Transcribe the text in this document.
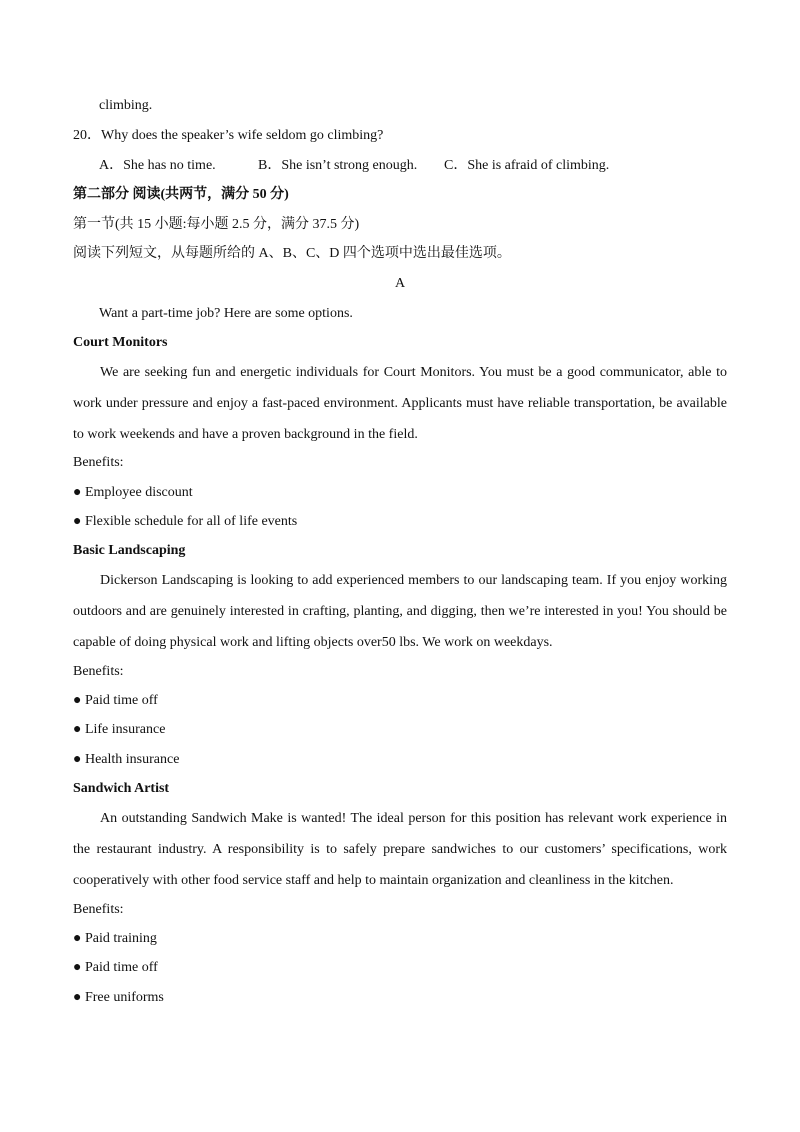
climbing.
20．Why does the speaker’s wife seldom go climbing?
A．She has no time.	B．She isn’t strong enough. C．She is afraid of climbing.
第二部分 阅读(共两节，满分 50 分)
第一节(共 15 小题:每小题 2.5 分，满分 37.5 分)
阅读下列短文，从每题所给的 A、B、C、D 四个选项中选出最佳选项。
A
Want a part-time job? Here are some options.
Court Monitors
We are seeking fun and energetic individuals for Court Monitors. You must be a good communicator, able to work under pressure and enjoy a fast-paced environment. Applicants must have reliable transportation, be available to work weekends and have a proven background in the field.
Benefits:
● Employee discount
● Flexible schedule for all of life events
Basic Landscaping
Dickerson Landscaping is looking to add experienced members to our landscaping team. If you enjoy working outdoors and are genuinely interested in crafting, planting, and digging, then we’re interested in you! You should be capable of doing physical work and lifting objects over50 lbs. We work on weekdays.
Benefits:
● Paid time off
● Life insurance
● Health insurance
Sandwich Artist
An outstanding Sandwich Make is wanted! The ideal person for this position has relevant work experience in the restaurant industry. A responsibility is to safely prepare sandwiches to our customers’ specifications, work cooperatively with other food service staff and help to maintain organization and cleanliness in the kitchen.
Benefits:
● Paid training
● Paid time off
● Free uniforms
